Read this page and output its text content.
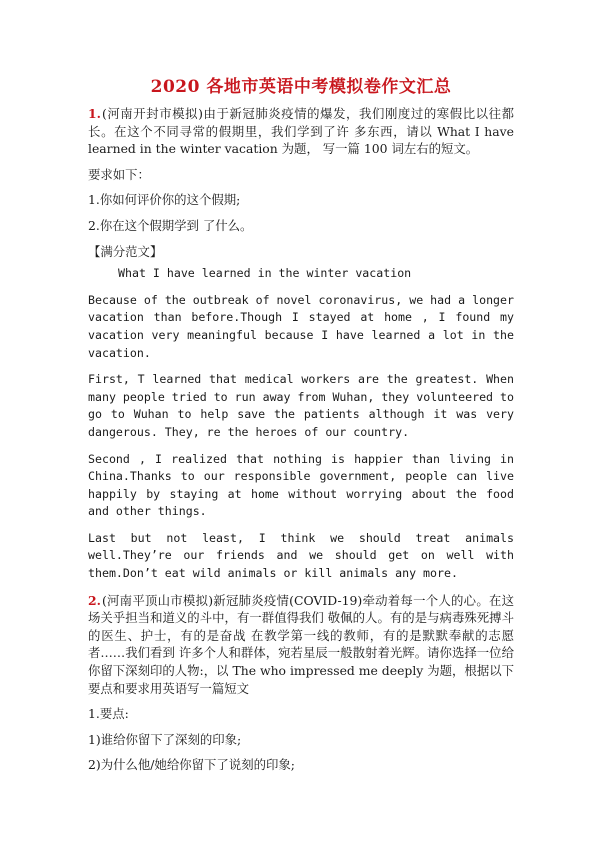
2020 各地市英语中考模拟卷作文汇总

1.(河南开封市模拟)由于新冠肺炎疫情的爆发，我们刚度过的寒假比以往都长。在这个不同寻常的假期里，我们学到了许 多东西，请以 What I have learned in the winter vacation 为题， 写一篇 100 词左右的短文。

要求如下：

1.你如何评价你的这个假期;

2.你在这个假期学到 了什么。

【满分范文】

What I have learned in the winter vacation

Because of the outbreak of novel coronavirus, we had a longer vacation than before.Though I stayed at home , I found my vacation very meaningful because I have learned a lot in the vacation.

First, T learned that medical workers are the greatest. When many people tried to run away from Wuhan, they volunteered to go to Wuhan to help save the patients although it was very dangerous. They, re the heroes of our country.

Second , I realized that nothing is happier than living in China.Thanks to our responsible government, people can live happily by staying at home without worrying about the food and other things.

Last but not least, I think we should treat animals well.They’re our friends and we should get on well with them.Don’t eat wild animals or kill animals any more.

2.(河南平顶山市模拟)新冠肺炎疫情(COVID-19)牵动着每一个人的心。在这场关乎担当和道义的斗中，有一群值得我们 敬佩的人。有的是与病毒殊死搏斗的医生、护士，有的是奋战 在教学第一线的教师，有的是默默奉献的志愿者……我们看到 许多个人和群体，宛若星辰一般散射着光辉。请你选择一位给你留下深刻印的人物:，以 The who impressed me deeply 为题，根据以下要点和要求用英语写一篇短文

1.要点:

1)谁给你留下了深刻的印象;

2)为什么他/她给你留下了说刻的印象;
